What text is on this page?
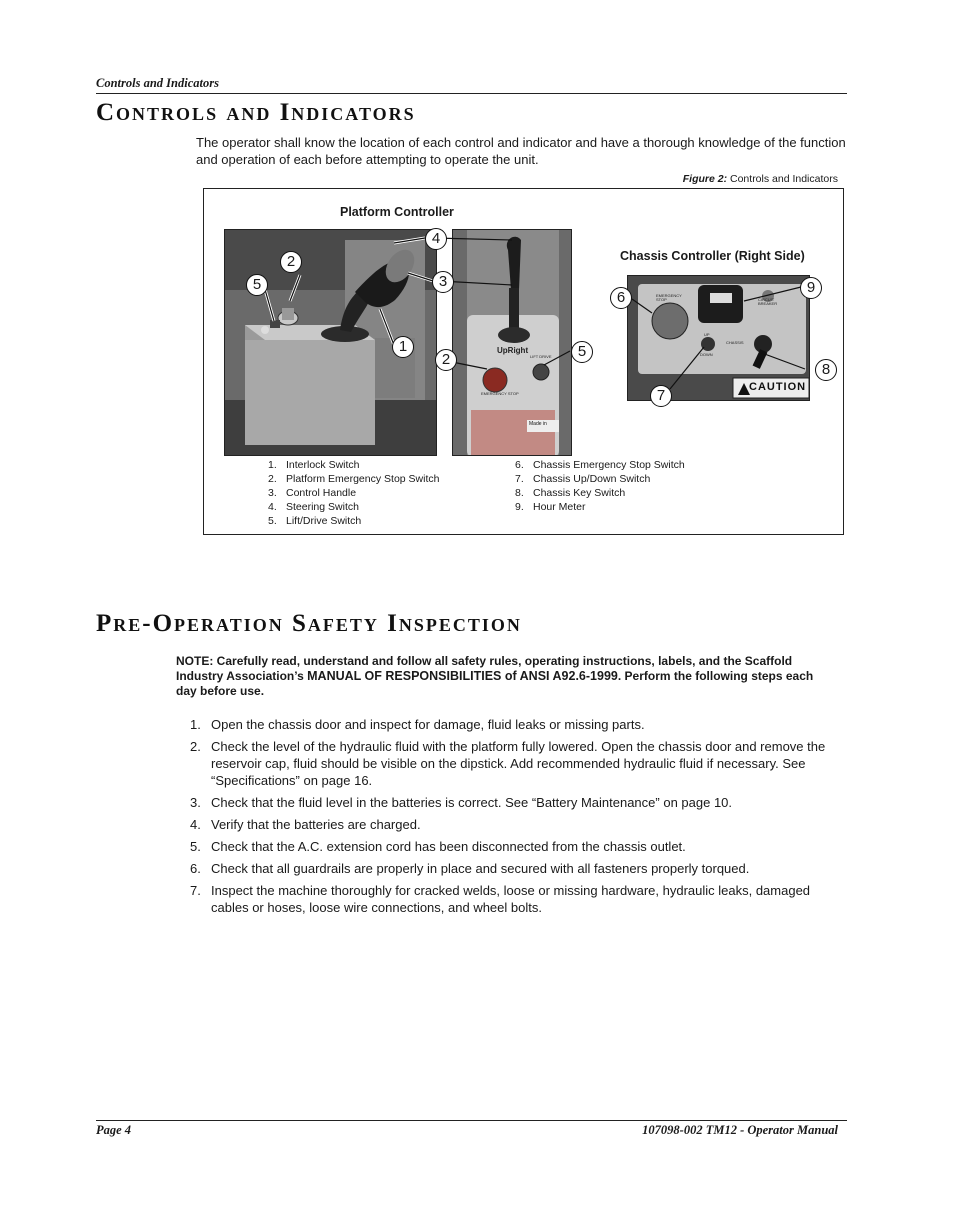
Controls and Indicators
Controls and Indicators
The operator shall know the location of each control and indicator and have a thorough knowledge of the function and operation of each before attempting to operate the unit.
Figure 2: Controls and Indicators
Platform Controller
Chassis Controller (Right Side)
UpRight
LIFT DRIVE
EMERGENCY STOP
Made in
EMERGENCY STOP
UP
DOWN
CIRCUIT BREAKER
CHASSIS
CAUTION
2
5
4
3
1
2	5
6
9
8
7
1. Interlock Switch
2. Platform Emergency Stop Switch
3. Control Handle
4. Steering Switch
5. Lift/Drive Switch
6. Chassis Emergency Stop Switch
7. Chassis Up/Down Switch
8. Chassis Key Switch
9. Hour Meter
Pre-Operation Safety Inspection
NOTE: Carefully read, understand and follow all safety rules, operating instructions, labels, and the Scaffold Industry Association’s MANUAL OF RESPONSIBILITIES of ANSI A92.6-1999. Perform the following steps each day before use.
1. Open the chassis door and inspect for damage, fluid leaks or missing parts.
2. Check the level of the hydraulic fluid with the platform fully lowered. Open the chassis door and remove the reservoir cap, fluid should be visible on the dipstick. Add recommended hydraulic fluid if necessary. See “Specifications” on page 16.
3. Check that the fluid level in the batteries is correct. See “Battery Maintenance” on page 10.
4. Verify that the batteries are charged.
5. Check that the A.C. extension cord has been disconnected from the chassis outlet.
6. Check that all guardrails are properly in place and secured with all fasteners properly torqued.
7. Inspect the machine thoroughly for cracked welds, loose or missing hardware, hydraulic leaks, damaged cables or hoses, loose wire connections, and wheel bolts.
Page 4	107098-002 TM12 - Operator Manual
